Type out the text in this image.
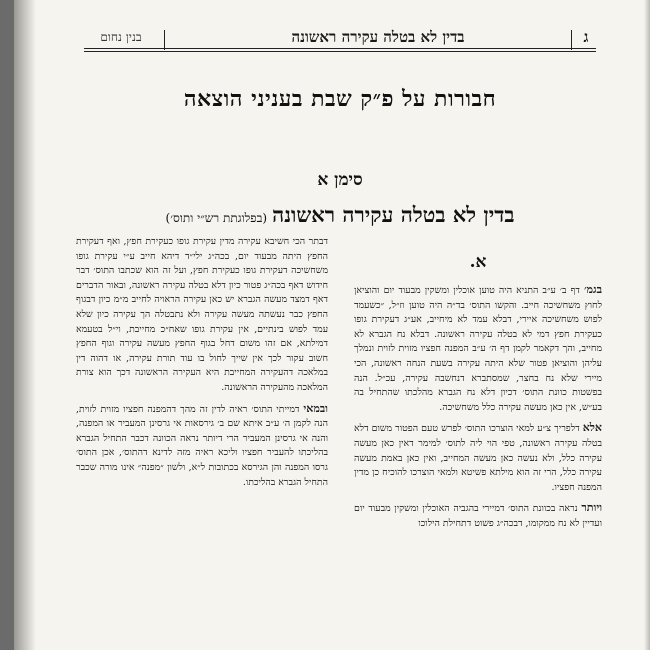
ג
בדין לא בטלה עקירה ראשונה
בנין נחום
חבורות על פ״ק שבת בעניני הוצאה
סימן א
בדין לא בטלה עקירה ראשונה (בפלוגתת רש״י ותוס׳)
א.

בגמ׳ דף ב׳ ע״ב התניא היה טוען אוכלין ומשקין מבעוד יום והוציאן לחוץ משחשיכה חייב. והקשו התוס׳ בד״ה היה טוען וז״ל, ״כשעמד לפוש משחשיכה איירי, דבלא עמד לא מיחייב, אע״ג דעקירת גופו כעקירת חפץ דמי לא בטלה עקירה ראשונה. דבלא נח הגברא לא מחייב, והך דקאמר לקמן דף ה׳ ע״ב המפנה חפציו מזוית לזוית ונמלך עליהן והוציאן פטור שלא היתה עקירה בשעת הנחה ראשונה, הכי מיירי שלא נח בחצר, שמסתברא דנחשבה עקירה, עכ״ל. הנה בפשטות כוונת התוס׳ דכיון דלא נח הגברא מהלכתו שהתחיל בה בע״ש, אין כאן מעשה עקירה כלל משחשיכה.

אלא דלפריך צ״ע למאי הוצרכו התוס׳ לפרש טעם הפטור משום דלא בטלה עקירה ראשונה, טפי הוי ליה לתוס׳ למימר דאין כאן מעשה עקירה כלל, ולא נעשה כאן מעשה המחייב, ואין כאן באמת מעשה עקירה כלל, הרי זה הוא מילתא פשיטא ולמאי הוצרכו להוכיח כן מדין המפנה חפציו.

ויותר נראה בכוונת התוס׳ דמיירי בהגביה האוכלין ומשקין מבעוד יום ועדיין לא נח ממקומו, דבכה״ג פשוט דתחילת הילוכו

דבתר הכי חשיבא עקירה מדין עקירת גופו כעקירת חפץ, ואף דעקירת החפץ היתה מבעוד יום, בכה״ג ילי״ד דיהא חייב ע״י עקירת גופו משחשיכה דעקירת גופו כעקירת חפץ, ועל זה הוא שכתבו התוס׳ דבר חידוש דאף בכה״ג פטור כיון דלא בטלה עקירה ראשונה, ובאור הדברים דאף דמצד מעשה הגברא יש כאן עקירה הראויה לחייב מ״מ כיון דבגוף החפץ כבר נעשתה מעשה עקירה ולא נתבטלה הך עקירה כיון שלא עמד לפוש בינתיים, אין עקירת גופו שאח״כ מחייבת, וי״ל בטעמא דמילתא, אם זהו משום דחל בגוף החפץ מעשה עקירה וגוף החפץ חשוב עקור לכך אין שייך לחול בו עוד תורת עקירה, או דהוה דין במלאכה דהעקירה המחייבת היא העקירה הראשונה דכך הוא צורת המלאכה מהעקירה הראשונה.

ובמאי דמייתי התוס׳ ראיה לדין זה מהך דהמפנה חפציו מזוית לזוית, הנה לקמן ה׳ ע״ב איתא שם ב׳ גירסאות אי גרסינן המעביר או המפנה, והנה אי גרסינן המעביר הרי דיותר נראה הכוונה דכבר התחיל הגברא בהליכתו להעביר חפציו וליכא ראיה מזה לדינא דהתוס׳, אכן התוס׳ גרסו המפנה והן הגירסא בכתובות ל״א, ולשון ״מפנה״ אינו מורה שכבר התחיל הגברא בהליכתו.
